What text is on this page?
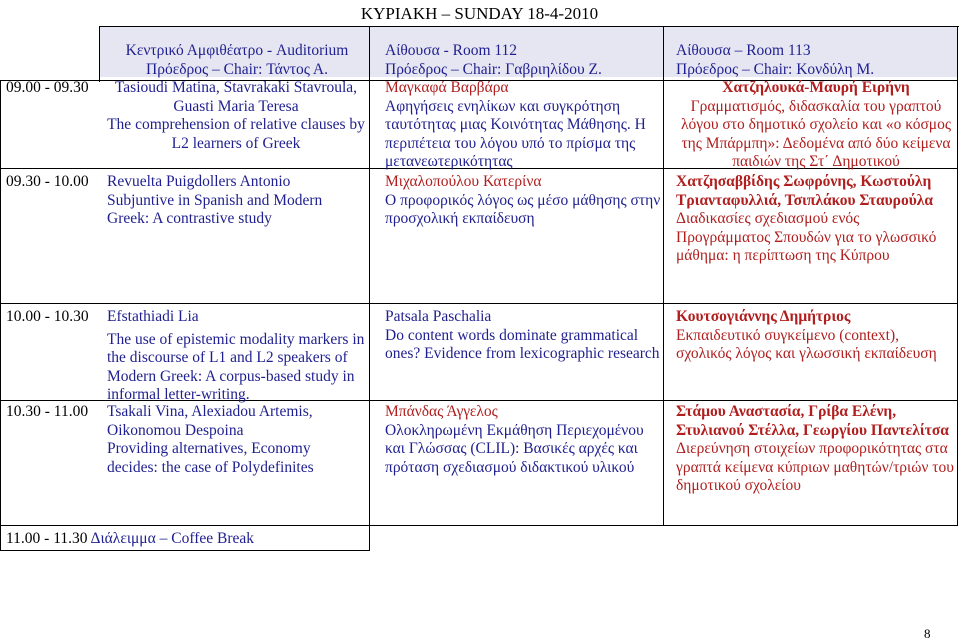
ΚΥΡΙΑΚΗ – SUNDAY 18-4-2010
Κεντρικό Αμφιθέατρο - Auditorium
Πρόεδρος – Chair: Τάντος Α.
Αίθουσα - Room 112
Πρόεδρος – Chair: Γαβριηλίδου Ζ.
Αίθουσα – Room 113
Πρόεδρος – Chair: Κονδύλη Μ.
09.00 - 09.30
09.30 - 10.00
10.00 - 10.30
10.30 - 11.00
Tasioudi Matina, Stavrakaki Stavroula, Guasti Maria Teresa
The comprehension of relative clauses by L2 learners of Greek
Revuelta Puigdollers Antonio
Subjuntive in Spanish and Modern Greek: A contrastive study
Efstathiadi Lia
The use of epistemic modality markers in the discourse of L1 and L2 speakers of Modern Greek: A corpus-based study in informal letter-writing.
Tsakali Vina, Alexiadou Artemis, Oikonomou Despoina
Providing alternatives, Economy decides: the case of Polydefinites
Μαγκαφά Βαρβάρα
Αφηγήσεις ενηλίκων και συγκρότηση ταυτότητας μιας Κοινότητας Μάθησης. Η περιπέτεια του λόγου υπό το πρίσμα της μετανεωτερικότητας
Μιχαλοπούλου Κατερίνα
Ο προφορικός λόγος ως μέσο μάθησης στην προσχολική εκπαίδευση
Patsala Paschalia
Do content words dominate grammatical ones? Evidence from lexicographic research
Μπάνδας Άγγελος
Ολοκληρωμένη Εκμάθηση Περιεχομένου και Γλώσσας (CLIL): Βασικές αρχές και πρόταση σχεδιασμού διδακτικού υλικού
Χατζηλουκά-Μαυρή Ειρήνη
Γραμματισμός, διδασκαλία του γραπτού λόγου στο δημοτικό σχολείο και «ο κόσμος της Μπάρμπη»: Δεδομένα από δύο κείμενα παιδιών της Στ΄ Δημοτικού
Χατζησαββίδης Σωφρόνης, Κωστούλη Τριανταφυλλιά, Τσιπλάκου Σταυρούλα
Διαδικασίες σχεδιασμού ενός Προγράμματος Σπουδών για το γλωσσικό μάθημα: η περίπτωση της Κύπρου
Κουτσογιάννης Δημήτριος
Εκπαιδευτικό συγκείμενο (context), σχολικός λόγος και γλωσσική εκπαίδευση
Στάμου Αναστασία, Γρίβα Ελένη, Στυλιανού Στέλλα, Γεωργίου Παντελίτσα
Διερεύνηση στοιχείων προφορικότητας στα γραπτά κείμενα κύπριων μαθητών/τριών του δημοτικού σχολείου
11.00 - 11.30 Διάλειμμα – Coffee Break
8
